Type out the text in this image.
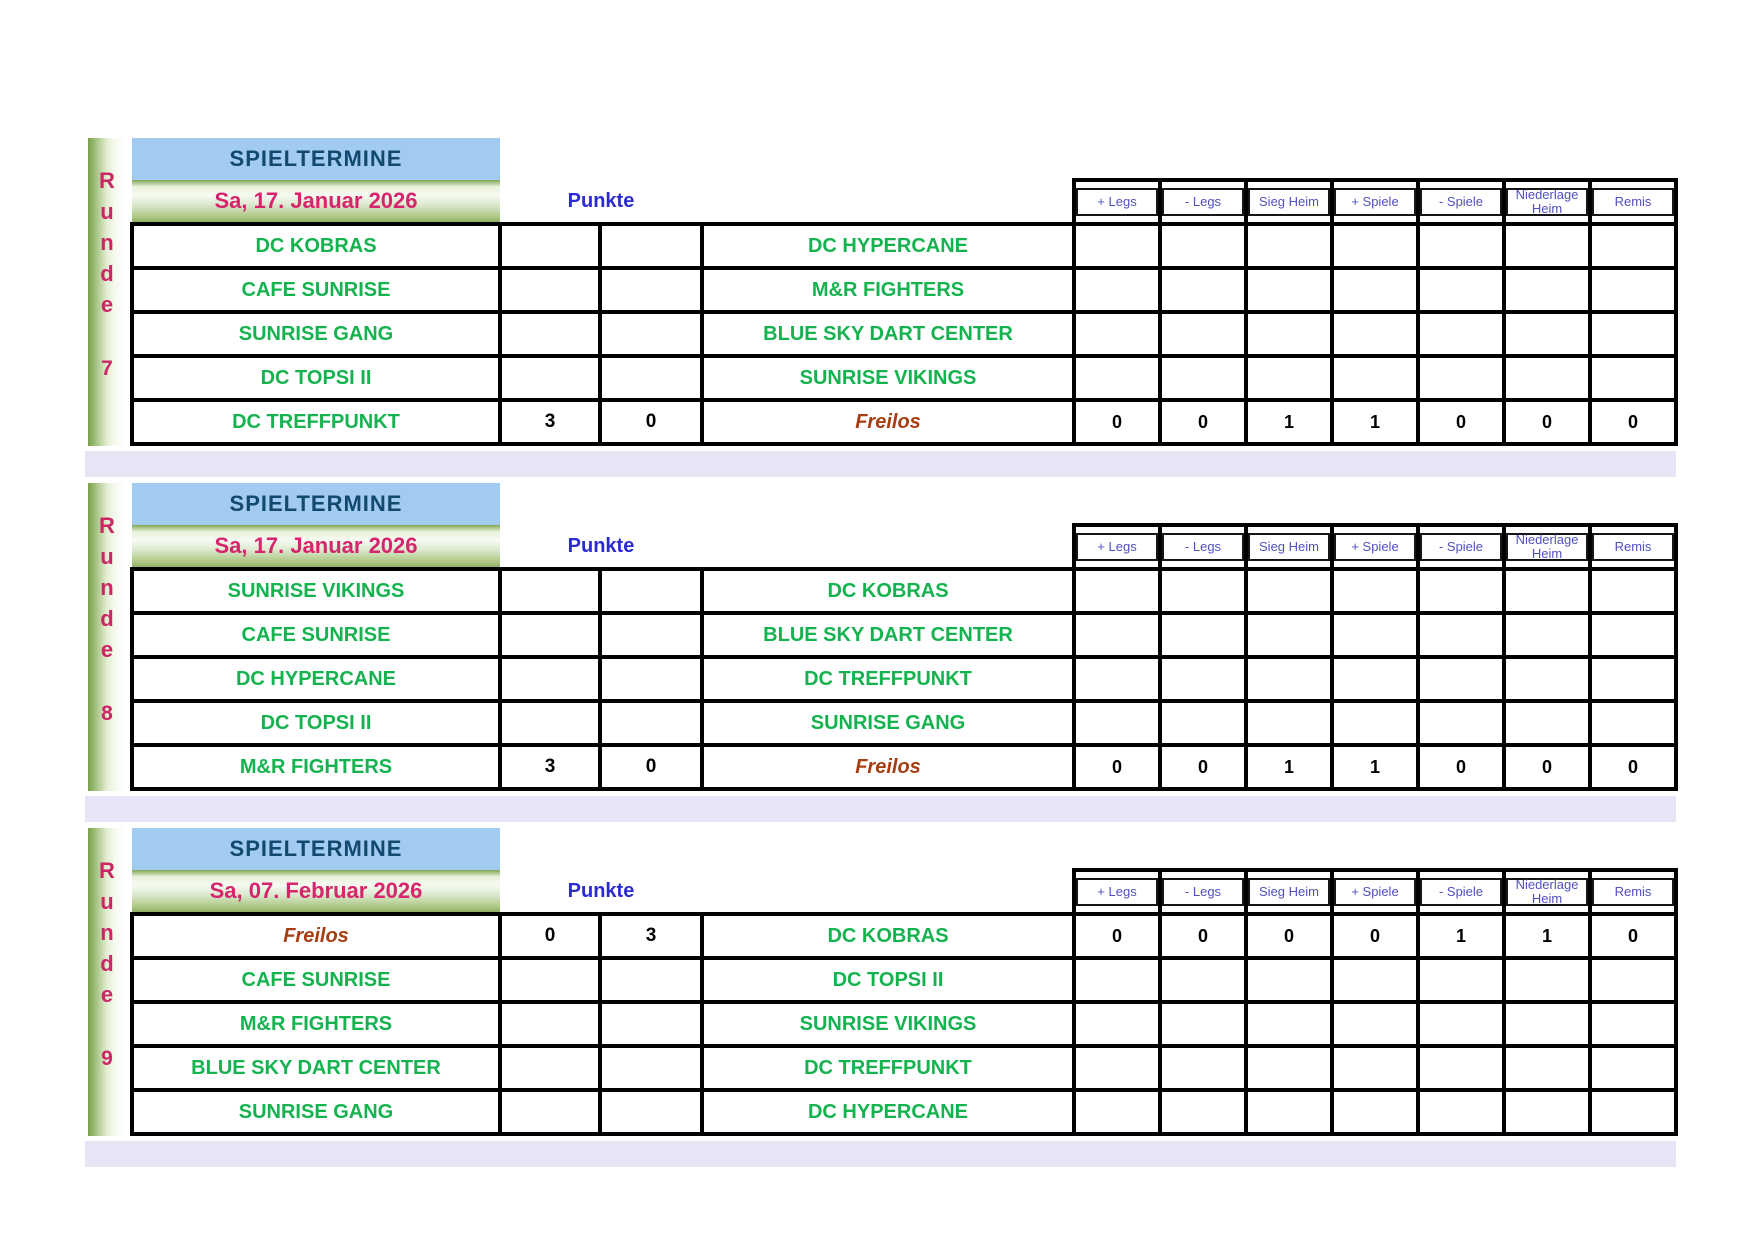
R
u
n
d
e
7
SPIELTERMINE										
Sa, 17. Januar 2026	Punkte			+ Legs	- Legs	Sieg Heim	+ Spiele	- Spiele	Niederlage Heim	Remis

DC KOBRAS			DC HYPERCANE							
CAFE SUNRISE			M&R FIGHTERS							
SUNRISE GANG			BLUE SKY DART CENTER							
DC TOPSI II			SUNRISE VIKINGS							
DC TREFFPUNKT	3	0	Freilos	0	0	1	1	0	0	0
R
u
n
d
e
8
SPIELTERMINE										
Sa, 17. Januar 2026	Punkte			+ Legs	- Legs	Sieg Heim	+ Spiele	- Spiele	Niederlage Heim	Remis

SUNRISE VIKINGS			DC KOBRAS							
CAFE SUNRISE			BLUE SKY DART CENTER							
DC HYPERCANE			DC TREFFPUNKT							
DC TOPSI II			SUNRISE GANG							
M&R FIGHTERS	3	0	Freilos	0	0	1	1	0	0	0
R
u
n
d
e
9
SPIELTERMINE										
Sa, 07. Februar 2026	Punkte			+ Legs	- Legs	Sieg Heim	+ Spiele	- Spiele	Niederlage Heim	Remis

Freilos	0	3	DC KOBRAS	0	0	0	0	1	1	0
CAFE SUNRISE			DC TOPSI II							
M&R FIGHTERS			SUNRISE VIKINGS							
BLUE SKY DART CENTER			DC TREFFPUNKT							
SUNRISE GANG			DC HYPERCANE							
